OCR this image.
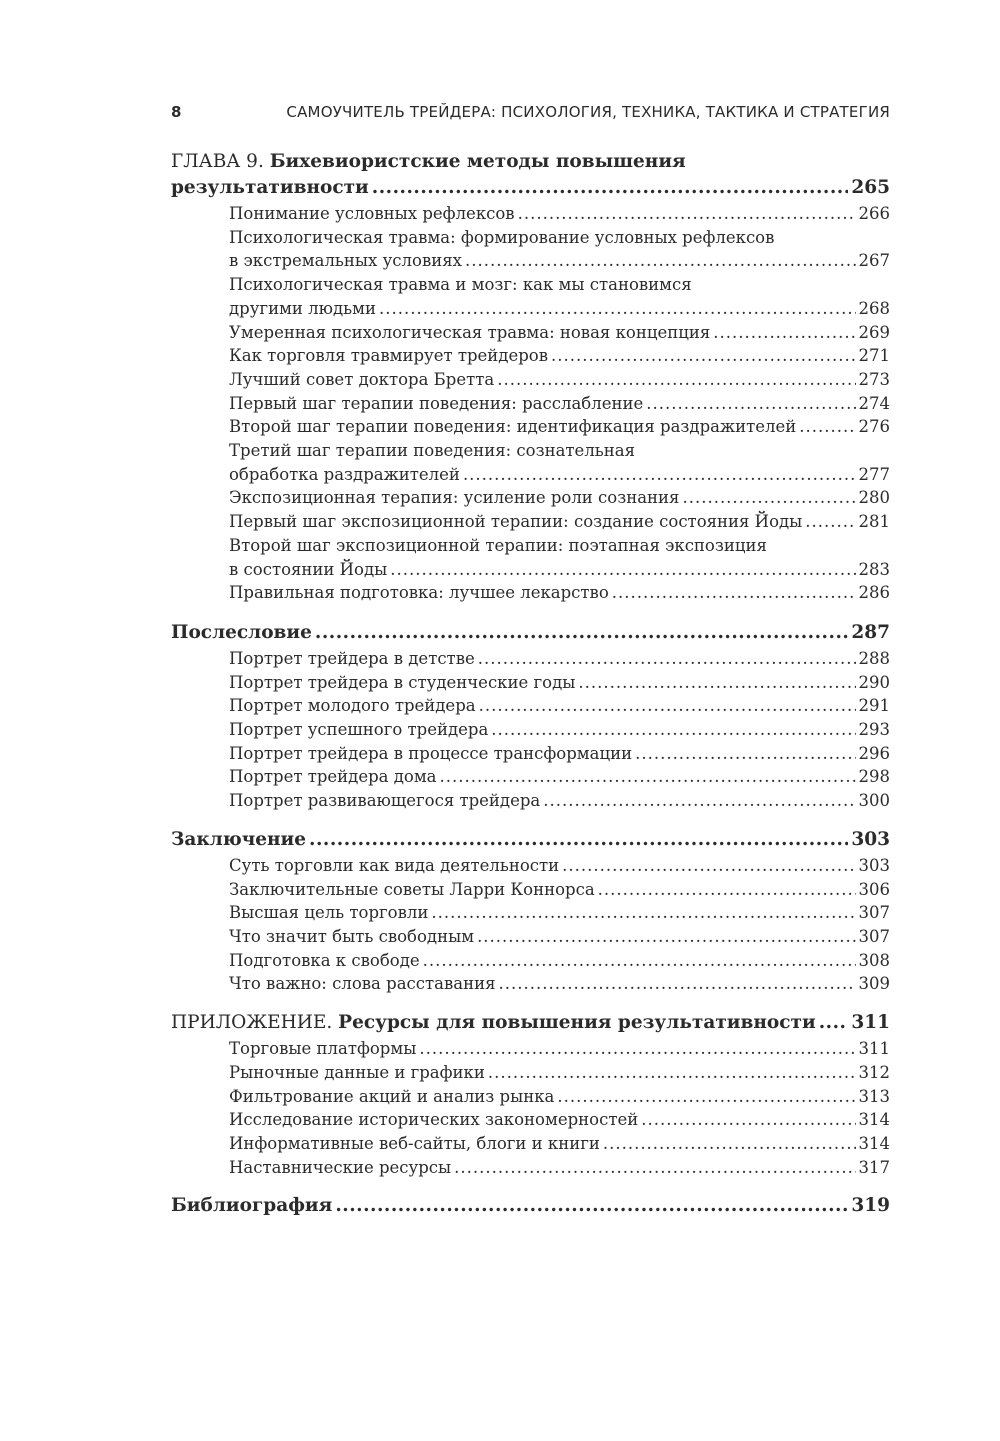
8	САМОУЧИТЕЛЬ ТРЕЙДЕРА: ПСИХОЛОГИЯ, ТЕХНИКА, ТАКТИКА И СТРАТЕГИЯ
ГЛАВА 9. Бихевиористские методы повышения
результативности .....	265
Понимание условных рефлексов .....	266
Психологическая травма: формирование условных рефлексов
в экстремальных условиях .....	267
Психологическая травма и мозг: как мы становимся
другими людьми .....	268
Умеренная психологическая травма: новая концепция .....	269
Как торговля травмирует трейдеров .....	271
Лучший совет доктора Бретта .....	273
Первый шаг терапии поведения: расслабление .....	274
Второй шаг терапии поведения: идентификация раздражителей .....	276
Третий шаг терапии поведения: сознательная
обработка раздражителей .....	277
Экспозиционная терапия: усиление роли сознания .....	280
Первый шаг экспозиционной терапии: создание состояния Йоды .....	281
Второй шаг экспозиционной терапии: поэтапная экспозиция
в состоянии Йоды .....	283
Правильная подготовка: лучшее лекарство .....	286
Послесловие .....	287
Портрет трейдера в детстве .....	288
Портрет трейдера в студенческие годы .....	290
Портрет молодого трейдера .....	291
Портрет успешного трейдера .....	293
Портрет трейдера в процессе трансформации .....	296
Портрет трейдера дома .....	298
Портрет развивающегося трейдера .....	300
Заключение .....	303
Суть торговли как вида деятельности .....	303
Заключительные советы Ларри Коннорса .....	306
Высшая цель торговли .....	307
Что значит быть свободным .....	307
Подготовка к свободе .....	308
Что важно: слова расставания .....	309
ПРИЛОЖЕНИЕ. Ресурсы для повышения результативности ..... 311
Торговые платформы .....	311
Рыночные данные и графики .....	312
Фильтрование акций и анализ рынка .....	313
Исследование исторических закономерностей .....	314
Информативные веб-сайты, блоги и книги .....	314
Наставнические ресурсы .....	317
Библиография .....	319
